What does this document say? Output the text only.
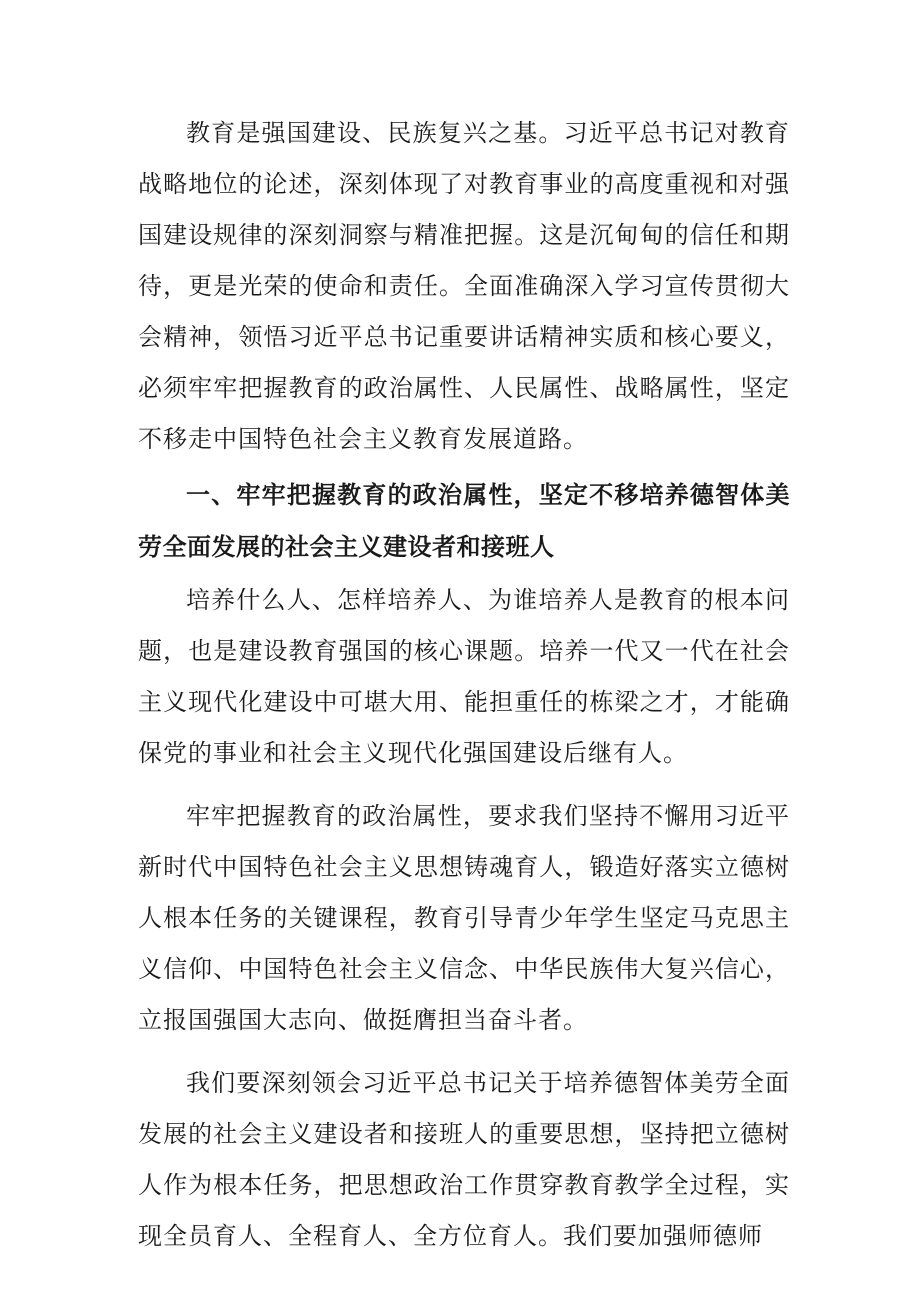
教育是强国建设、民族复兴之基。习近平总书记对教育战略地位的论述，深刻体现了对教育事业的高度重视和对强国建设规律的深刻洞察与精准把握。这是沉甸甸的信任和期待，更是光荣的使命和责任。全面准确深入学习宣传贯彻大会精神，领悟习近平总书记重要讲话精神实质和核心要义，必须牢牢把握教育的政治属性、人民属性、战略属性，坚定不移走中国特色社会主义教育发展道路。

一、牢牢把握教育的政治属性，坚定不移培养德智体美劳全面发展的社会主义建设者和接班人

培养什么人、怎样培养人、为谁培养人是教育的根本问题，也是建设教育强国的核心课题。培养一代又一代在社会主义现代化建设中可堪大用、能担重任的栋梁之才，才能确保党的事业和社会主义现代化强国建设后继有人。

牢牢把握教育的政治属性，要求我们坚持不懈用习近平新时代中国特色社会主义思想铸魂育人，锻造好落实立德树人根本任务的关键课程，教育引导青少年学生坚定马克思主义信仰、中国特色社会主义信念、中华民族伟大复兴信心，立报国强国大志向、做挺膺担当奋斗者。

我们要深刻领会习近平总书记关于培养德智体美劳全面发展的社会主义建设者和接班人的重要思想，坚持把立德树人作为根本任务，把思想政治工作贯穿教育教学全过程，实现全员育人、全程育人、全方位育人。我们要加强师德师
